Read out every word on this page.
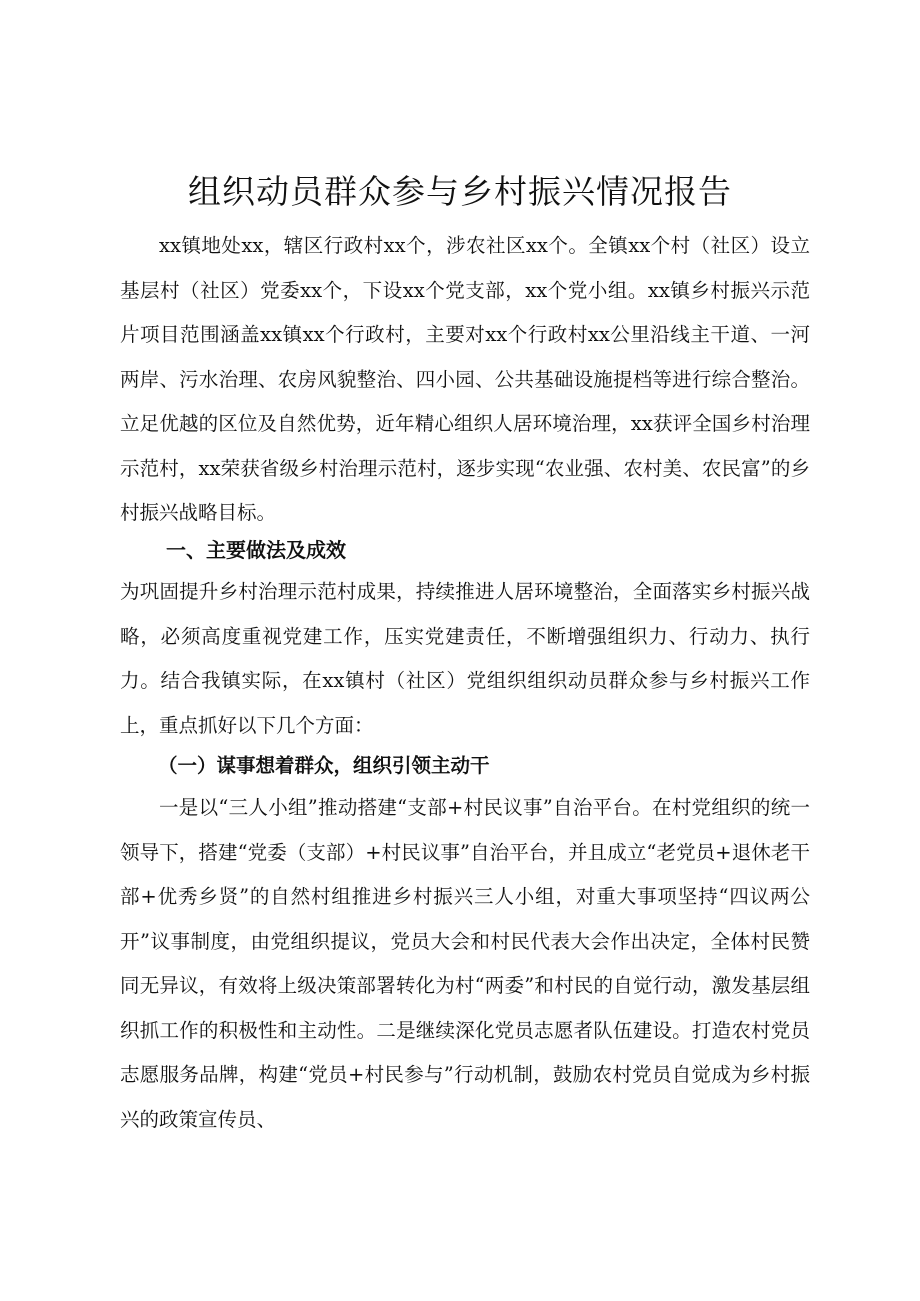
组织动员群众参与乡村振兴情况报告

xx镇地处xx，辖区行政村xx个，涉农社区xx个。全镇xx个村（社区）设立基层村（社区）党委xx个，下设xx个党支部，xx个党小组。xx镇乡村振兴示范片项目范围涵盖xx镇xx个行政村，主要对xx个行政村xx公里沿线主干道、一河两岸、污水治理、农房风貌整治、四小园、公共基础设施提档等进行综合整治。立足优越的区位及自然优势，近年精心组织人居环境治理，xx获评全国乡村治理示范村，xx荣获省级乡村治理示范村，逐步实现“农业强、农村美、农民富”的乡村振兴战略目标。

一、主要做法及成效

为巩固提升乡村治理示范村成果，持续推进人居环境整治，全面落实乡村振兴战略，必须高度重视党建工作，压实党建责任，不断增强组织力、行动力、执行力。结合我镇实际，在xx镇村（社区）党组织组织动员群众参与乡村振兴工作上，重点抓好以下几个方面：

（一）谋事想着群众，组织引领主动干

一是以“三人小组”推动搭建“支部+村民议事”自治平台。在村党组织的统一领导下，搭建“党委（支部）+村民议事”自治平台，并且成立“老党员+退休老干部+优秀乡贤”的自然村组推进乡村振兴三人小组，对重大事项坚持“四议两公开”议事制度，由党组织提议，党员大会和村民代表大会作出决定，全体村民赞同无异议，有效将上级决策部署转化为村“两委”和村民的自觉行动，激发基层组织抓工作的积极性和主动性。二是继续深化党员志愿者队伍建设。打造农村党员志愿服务品牌，构建“党员+村民参与”行动机制，鼓励农村党员自觉成为乡村振兴的政策宣传员、
